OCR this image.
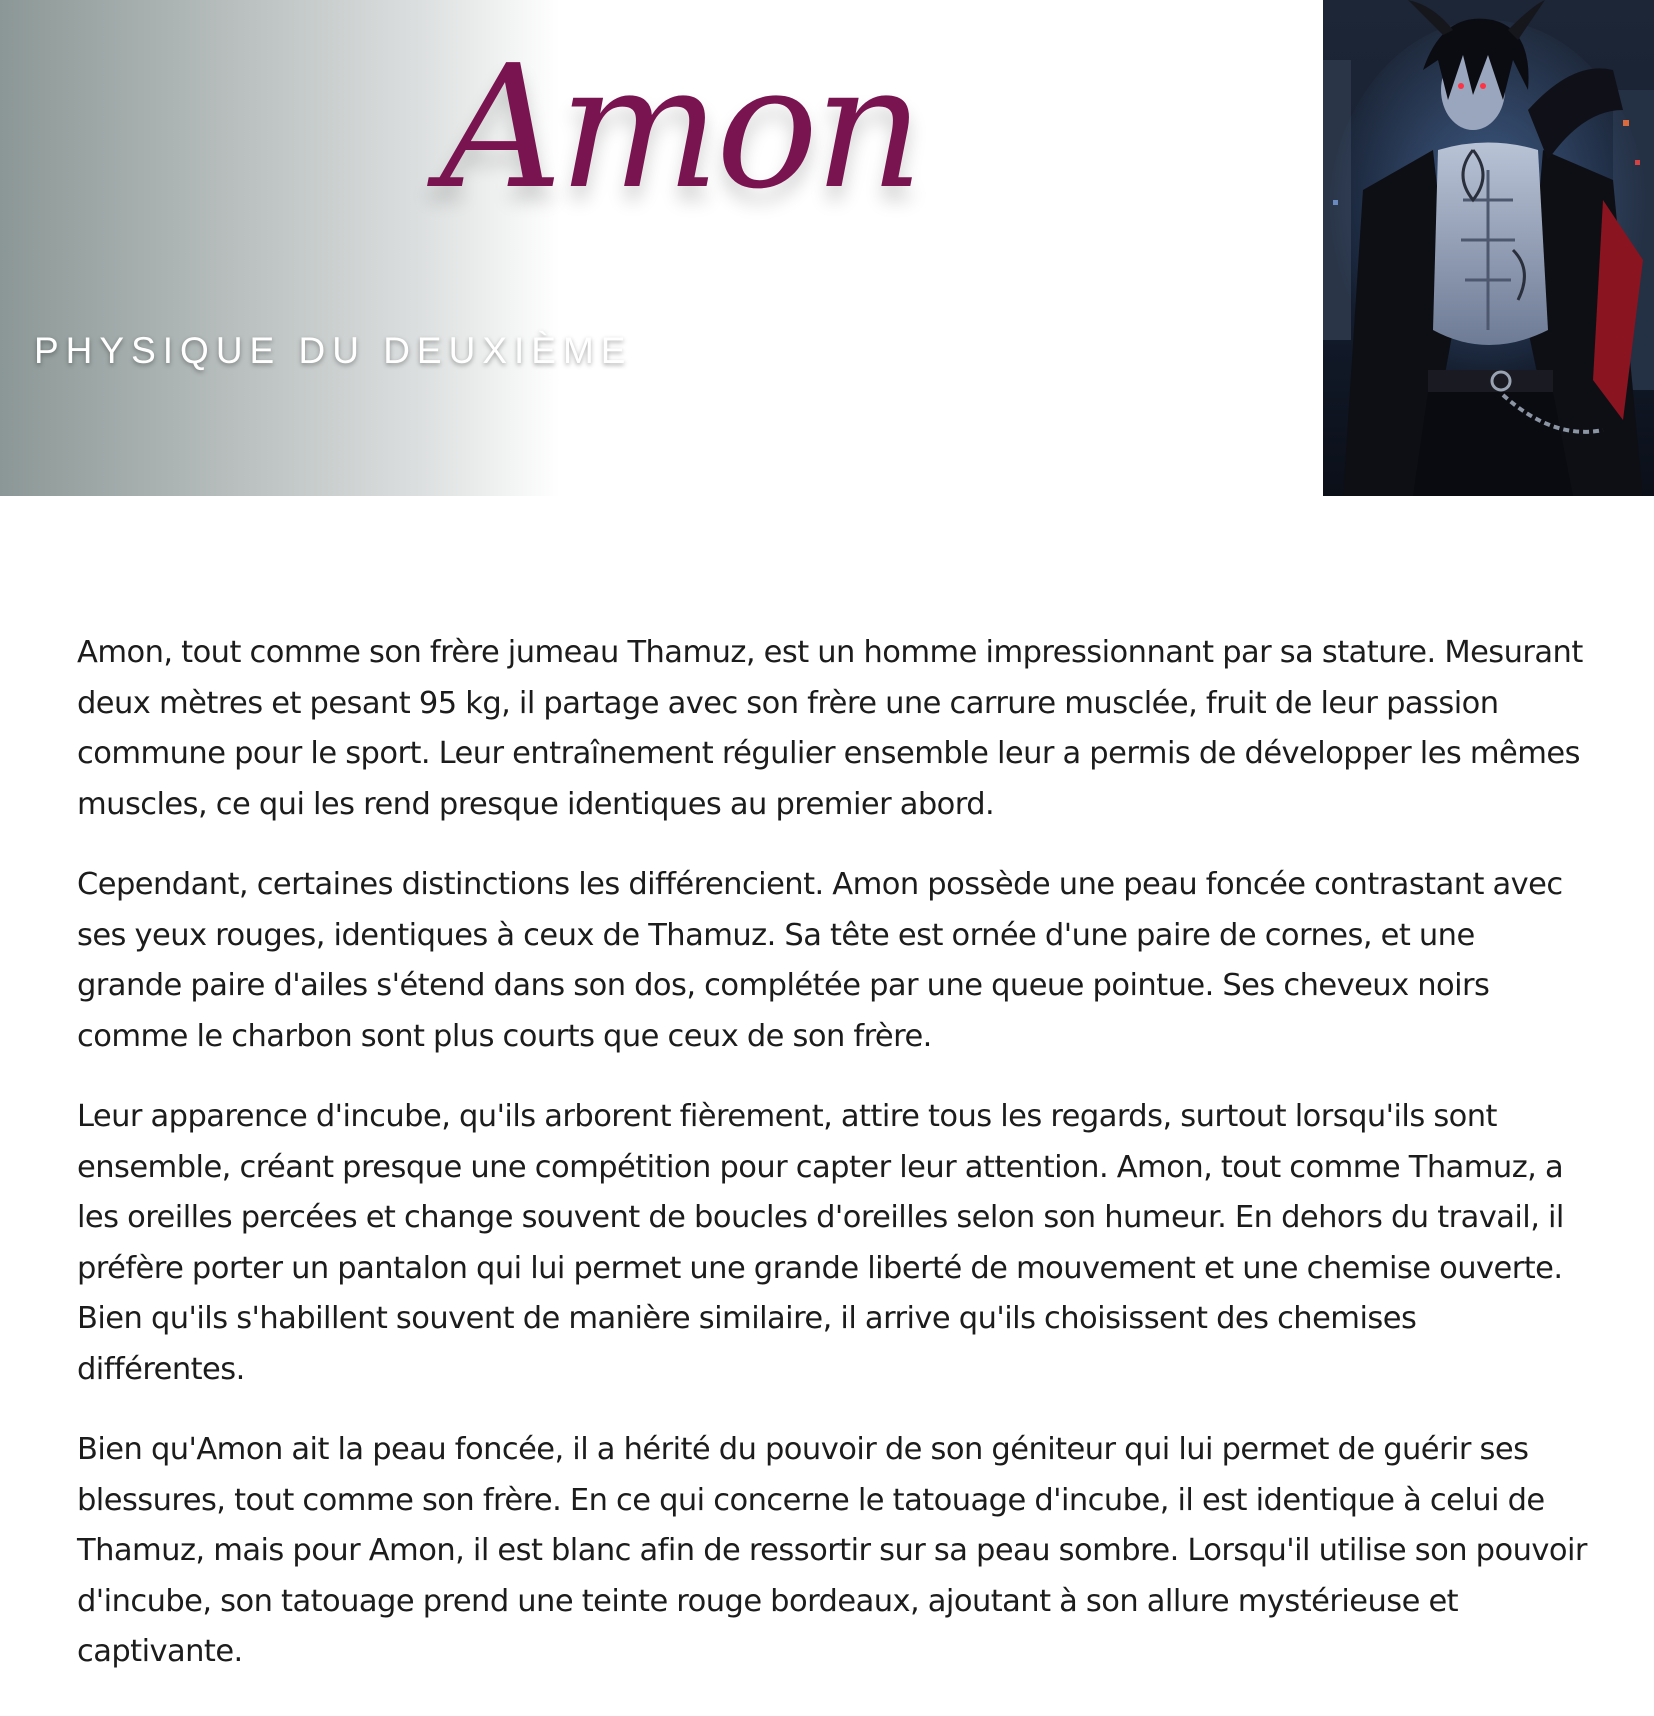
Amon
PHYSIQUE DU DEUXIÈME

Amon, tout comme son frère jumeau Thamuz, est un homme impressionnant par sa stature. Mesurant deux mètres et pesant 95 kg, il partage avec son frère une carrure musclée, fruit de leur passion commune pour le sport. Leur entraînement régulier ensemble leur a permis de développer les mêmes muscles, ce qui les rend presque identiques au premier abord.

Cependant, certaines distinctions les différencient. Amon possède une peau foncée contrastant avec ses yeux rouges, identiques à ceux de Thamuz. Sa tête est ornée d'une paire de cornes, et une grande paire d'ailes s'étend dans son dos, complétée par une queue pointue. Ses cheveux noirs comme le charbon sont plus courts que ceux de son frère.

Leur apparence d'incube, qu'ils arborent fièrement, attire tous les regards, surtout lorsqu'ils sont ensemble, créant presque une compétition pour capter leur attention. Amon, tout comme Thamuz, a les oreilles percées et change souvent de boucles d'oreilles selon son humeur. En dehors du travail, il préfère porter un pantalon qui lui permet une grande liberté de mouvement et une chemise ouverte. Bien qu'ils s'habillent souvent de manière similaire, il arrive qu'ils choisissent des chemises différentes.

Bien qu'Amon ait la peau foncée, il a hérité du pouvoir de son géniteur qui lui permet de guérir ses blessures, tout comme son frère. En ce qui concerne le tatouage d'incube, il est identique à celui de Thamuz, mais pour Amon, il est blanc afin de ressortir sur sa peau sombre. Lorsqu'il utilise son pouvoir d'incube, son tatouage prend une teinte rouge bordeaux, ajoutant à son allure mystérieuse et captivante.
